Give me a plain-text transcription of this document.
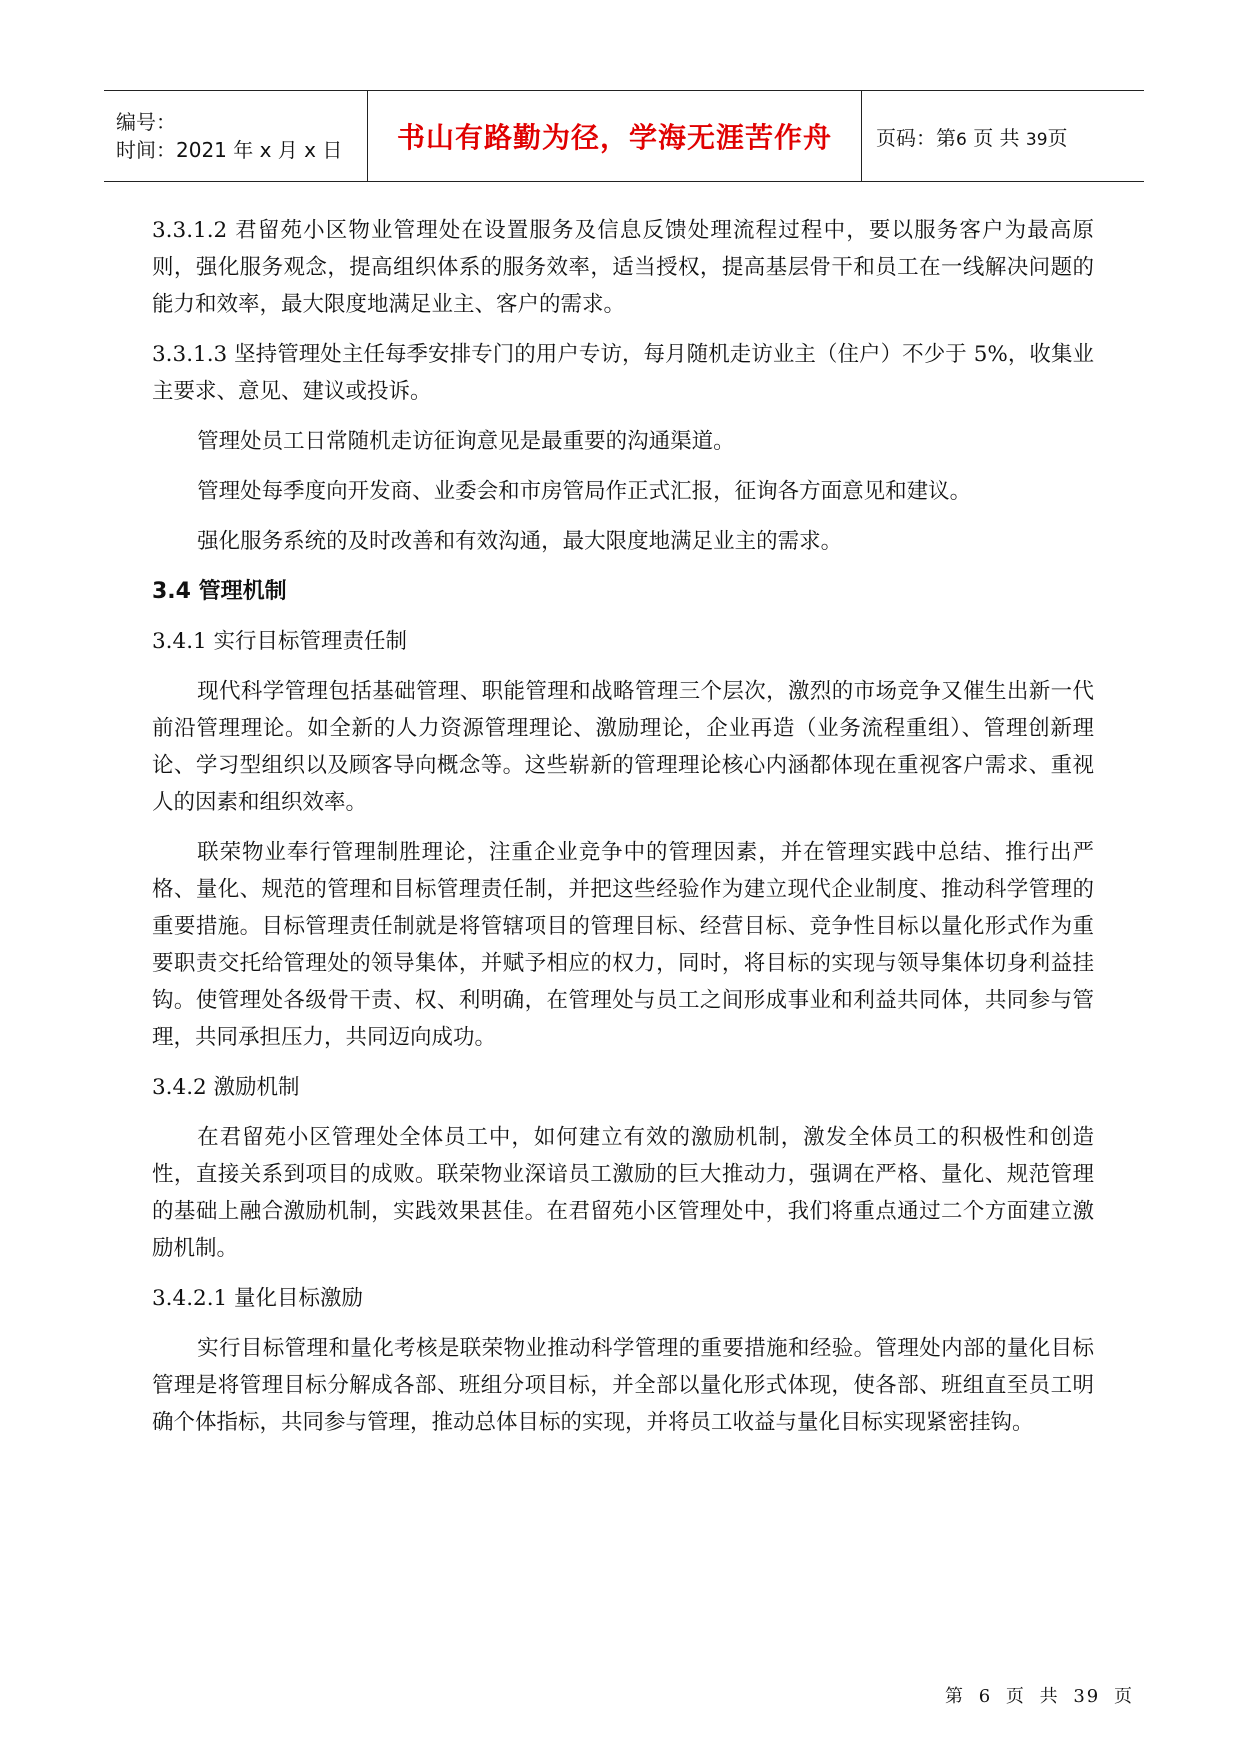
编号：
时间：2021 年 x 月 x 日	书山有路勤为径，学海无涯苦作舟 页码：第6 页 共 39页

3.3.1.2 君留苑小区物业管理处在设置服务及信息反馈处理流程过程中，要以服务客户为最高原则，强化服务观念，提高组织体系的服务效率，适当授权，提高基层骨干和员工在一线解决问题的能力和效率，最大限度地满足业主、客户的需求。

3.3.1.3 坚持管理处主任每季安排专门的用户专访，每月随机走访业主（住户）不少于 5%，收集业主要求、意见、建议或投诉。

管理处员工日常随机走访征询意见是最重要的沟通渠道。

管理处每季度向开发商、业委会和市房管局作正式汇报，征询各方面意见和建议。

强化服务系统的及时改善和有效沟通，最大限度地满足业主的需求。

3.4 管理机制

3.4.1 实行目标管理责任制

现代科学管理包括基础管理、职能管理和战略管理三个层次，激烈的市场竞争又催生出新一代前沿管理理论。如全新的人力资源管理理论、激励理论，企业再造（业务流程重组）、管理创新理论、学习型组织以及顾客导向概念等。这些崭新的管理理论核心内涵都体现在重视客户需求、重视人的因素和组织效率。

联荣物业奉行管理制胜理论，注重企业竞争中的管理因素，并在管理实践中总结、推行出严格、量化、规范的管理和目标管理责任制，并把这些经验作为建立现代企业制度、推动科学管理的重要措施。目标管理责任制就是将管辖项目的管理目标、经营目标、竞争性目标以量化形式作为重要职责交托给管理处的领导集体，并赋予相应的权力，同时，将目标的实现与领导集体切身利益挂钩。使管理处各级骨干责、权、利明确，在管理处与员工之间形成事业和利益共同体，共同参与管理，共同承担压力，共同迈向成功。

3.4.2 激励机制

在君留苑小区管理处全体员工中，如何建立有效的激励机制，激发全体员工的积极性和创造性，直接关系到项目的成败。联荣物业深谙员工激励的巨大推动力，强调在严格、量化、规范管理的基础上融合激励机制，实践效果甚佳。在君留苑小区管理处中，我们将重点通过二个方面建立激励机制。

3.4.2.1 量化目标激励

实行目标管理和量化考核是联荣物业推动科学管理的重要措施和经验。管理处内部的量化目标管理是将管理目标分解成各部、班组分项目标，并全部以量化形式体现，使各部、班组直至员工明确个体指标，共同参与管理，推动总体目标的实现，并将员工收益与量化目标实现紧密挂钩。

第 6 页 共 39 页
